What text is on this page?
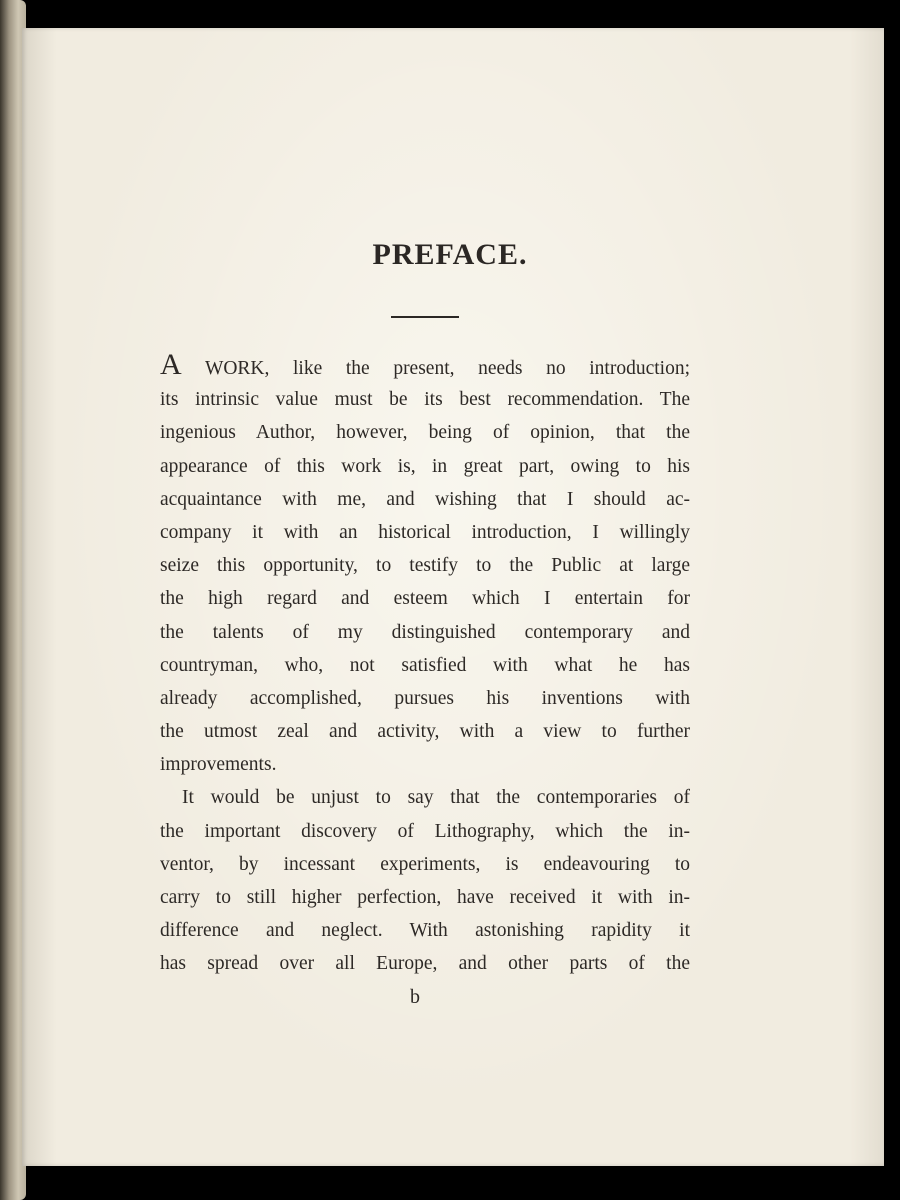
PREFACE.
A WORK, like the present, needs no introduction;
its intrinsic value must be its best recommendation. The
ingenious Author, however, being of opinion, that the
appearance of this work is, in great part, owing to his
acquaintance with me, and wishing that I should ac-
company it with an historical introduction, I willingly
seize this opportunity, to testify to the Public at large
the high regard and esteem which I entertain for
the talents of my distinguished contemporary and
countryman, who, not satisfied with what he has
already accomplished, pursues his inventions with
the utmost zeal and activity, with a view to further
improvements.
It would be unjust to say that the contemporaries of
the important discovery of Lithography, which the in-
ventor, by incessant experiments, is endeavouring to
carry to still higher perfection, have received it with in-
difference and neglect. With astonishing rapidity it
has spread over all Europe, and other parts of the
b
